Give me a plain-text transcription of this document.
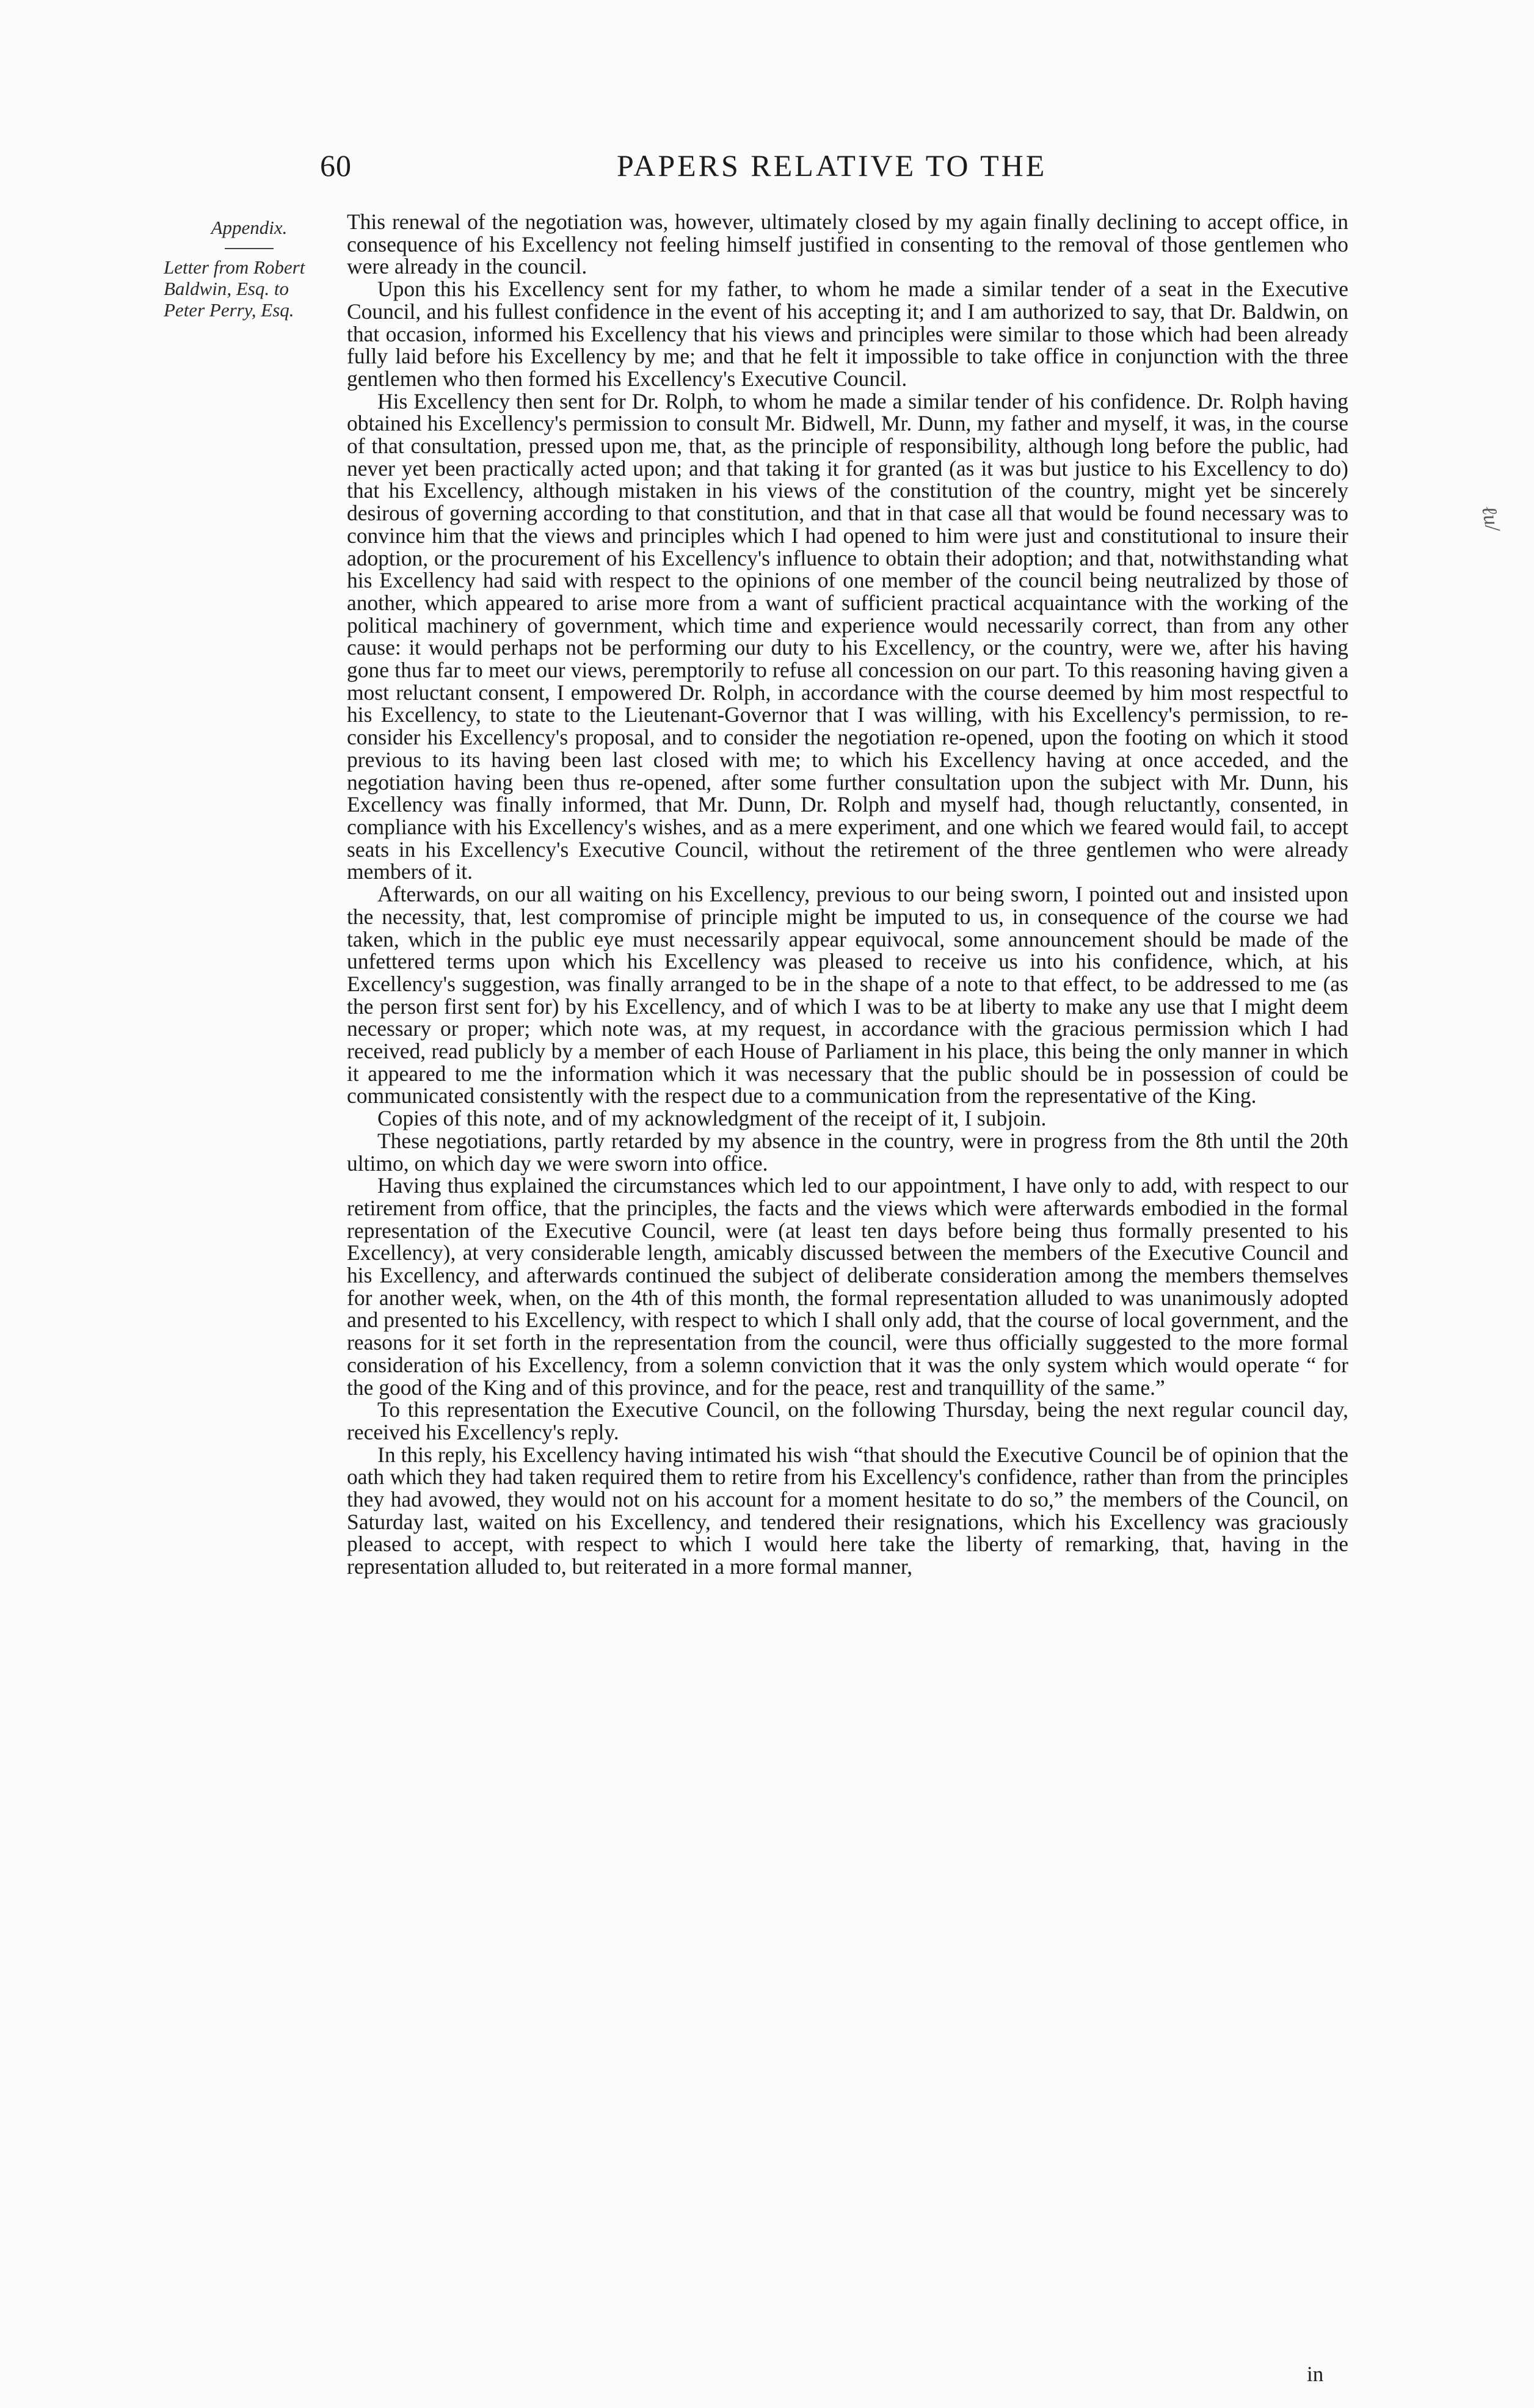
60	PAPERS RELATIVE TO THE
Appendix.
Letter from Robert
Baldwin, Esq. to
Peter Perry, Esq.

This renewal of the negotiation was, however, ultimately closed by my again finally declining to accept office, in consequence of his Excellency not feeling himself justified in consenting to the removal of those gentlemen who were already in the council.

Upon this his Excellency sent for my father, to whom he made a similar tender of a seat in the Executive Council, and his fullest confidence in the event of his accepting it; and I am authorized to say, that Dr. Baldwin, on that occasion, informed his Excellency that his views and principles were similar to those which had been already fully laid before his Excellency by me; and that he felt it impossible to take office in conjunction with the three gentlemen who then formed his Excellency's Executive Council.

His Excellency then sent for Dr. Rolph, to whom he made a similar tender of his confidence. Dr. Rolph having obtained his Excellency's permission to consult Mr. Bidwell, Mr. Dunn, my father and myself, it was, in the course of that consultation, pressed upon me, that, as the principle of responsibility, although long before the public, had never yet been practically acted upon; and that taking it for granted (as it was but justice to his Excellency to do) that his Excellency, although mistaken in his views of the constitution of the country, might yet be sincerely desirous of governing according to that constitution, and that in that case all that would be found necessary was to convince him that the views and principles which I had opened to him were just and constitutional to insure their adoption, or the procurement of his Excellency's influence to obtain their adoption; and that, notwithstanding what his Excellency had said with respect to the opinions of one member of the council being neutralized by those of another, which appeared to arise more from a want of sufficient practical acquaintance with the working of the political machinery of government, which time and experience would necessarily correct, than from any other cause: it would perhaps not be performing our duty to his Excellency, or the country, were we, after his having gone thus far to meet our views, peremptorily to refuse all concession on our part. To this reasoning having given a most reluctant consent, I empowered Dr. Rolph, in accordance with the course deemed by him most respectful to his Excellency, to state to the Lieutenant-Governor that I was willing, with his Excellency's permission, to re-consider his Excellency's proposal, and to consider the negotiation re-opened, upon the footing on which it stood previous to its having been last closed with me; to which his Excellency having at once acceded, and the negotiation having been thus re-opened, after some further consultation upon the subject with Mr. Dunn, his Excellency was finally informed, that Mr. Dunn, Dr. Rolph and myself had, though reluctantly, consented, in compliance with his Excellency's wishes, and as a mere experiment, and one which we feared would fail, to accept seats in his Excellency's Executive Council, without the retirement of the three gentlemen who were already members of it.

Afterwards, on our all waiting on his Excellency, previous to our being sworn, I pointed out and insisted upon the necessity, that, lest compromise of principle might be imputed to us, in consequence of the course we had taken, which in the public eye must necessarily appear equivocal, some announcement should be made of the unfettered terms upon which his Excellency was pleased to receive us into his confidence, which, at his Excellency's suggestion, was finally arranged to be in the shape of a note to that effect, to be addressed to me (as the person first sent for) by his Excellency, and of which I was to be at liberty to make any use that I might deem necessary or proper; which note was, at my request, in accordance with the gracious permission which I had received, read publicly by a member of each House of Parliament in his place, this being the only manner in which it appeared to me the information which it was necessary that the public should be in possession of could be communicated consistently with the respect due to a communication from the representative of the King.

Copies of this note, and of my acknowledgment of the receipt of it, I subjoin.

These negotiations, partly retarded by my absence in the country, were in progress from the 8th until the 20th ultimo, on which day we were sworn into office.

Having thus explained the circumstances which led to our appointment, I have only to add, with respect to our retirement from office, that the principles, the facts and the views which were afterwards embodied in the formal representation of the Executive Council, were (at least ten days before being thus formally presented to his Excellency), at very considerable length, amicably discussed between the members of the Executive Council and his Excellency, and afterwards continued the subject of deliberate consideration among the members themselves for another week, when, on the 4th of this month, the formal representation alluded to was unanimously adopted and presented to his Excellency, with respect to which I shall only add, that the course of local government, and the reasons for it set forth in the representation from the council, were thus officially suggested to the more formal consideration of his Excellency, from a solemn conviction that it was the only system which would operate “ for the good of the King and of this province, and for the peace, rest and tranquillity of the same.”

To this representation the Executive Council, on the following Thursday, being the next regular council day, received his Excellency's reply.

In this reply, his Excellency having intimated his wish “that should the Executive Council be of opinion that the oath which they had taken required them to retire from his Excellency's confidence, rather than from the principles they had avowed, they would not on his account for a moment hesitate to do so,” the members of the Council, on Saturday last, waited on his Excellency, and tendered their resignations, which his Excellency was graciously pleased to accept, with respect to which I would here take the liberty of remarking, that, having in the representation alluded to, but reiterated in a more formal manner,

ℓu/
in
